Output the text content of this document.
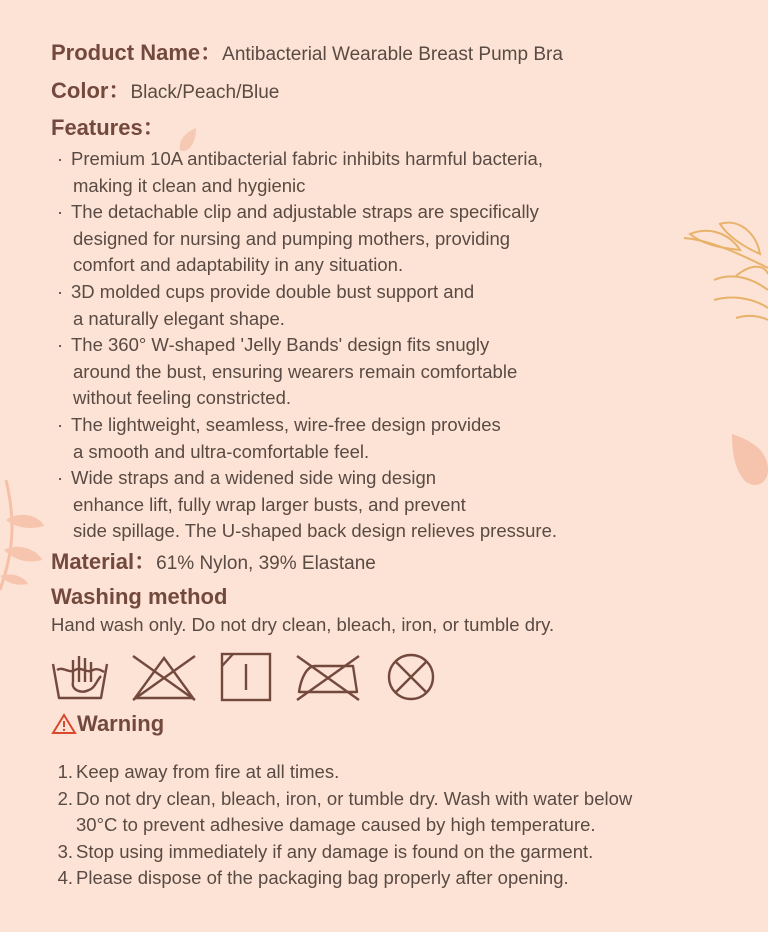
Product Name：Antibacterial Wearable Breast Pump Bra
Color：Black/Peach/Blue
Features：
· Premium 10A antibacterial fabric inhibits harmful bacteria,
making it clean and hygienic
· The detachable clip and adjustable straps are specifically
designed for nursing and pumping mothers, providing
comfort and adaptability in any situation.
· 3D molded cups provide double bust support and
a naturally elegant shape.
· The 360° W-shaped 'Jelly Bands' design fits snugly
around the bust, ensuring wearers remain comfortable
without feeling constricted.
· The lightweight, seamless, wire-free design provides
a smooth and ultra-comfortable feel.
· Wide straps and a widened side wing design
enhance lift, fully wrap larger busts, and prevent
side spillage. The U-shaped back design relieves pressure.
Material：61% Nylon, 39% Elastane
Washing method
Hand wash only. Do not dry clean, bleach, iron, or tumble dry.
Warning
1. Keep away from fire at all times.
2. Do not dry clean, bleach, iron, or tumble dry. Wash with water below
30°C to prevent adhesive damage caused by high temperature.
3. Stop using immediately if any damage is found on the garment.
4. Please dispose of the packaging bag properly after opening.
